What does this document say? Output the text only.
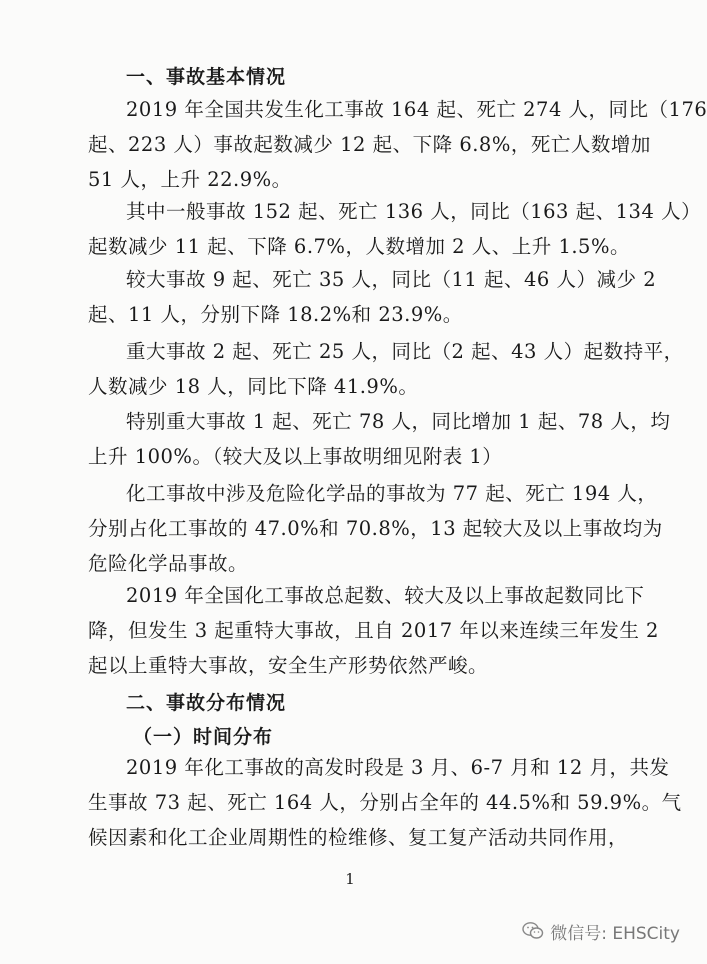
一、事故基本情况
2019 年全国共发生化工事故 164 起、死亡 274 人，同比（176
起、223 人）事故起数减少 12 起、下降 6.8%，死亡人数增加
51 人，上升 22.9%。
其中一般事故 152 起、死亡 136 人，同比（163 起、134 人）
起数减少 11 起、下降 6.7%，人数增加 2 人、上升 1.5%。
较大事故 9 起、死亡 35 人，同比（11 起、46 人）减少 2
起、11 人，分别下降 18.2%和 23.9%。
重大事故 2 起、死亡 25 人，同比（2 起、43 人）起数持平，
人数减少 18 人，同比下降 41.9%。
特别重大事故 1 起、死亡 78 人，同比增加 1 起、78 人，均
上升 100%。（较大及以上事故明细见附表 1）
化工事故中涉及危险化学品的事故为 77 起、死亡 194 人，
分别占化工事故的 47.0%和 70.8%，13 起较大及以上事故均为
危险化学品事故。
2019 年全国化工事故总起数、较大及以上事故起数同比下
降，但发生 3 起重特大事故，且自 2017 年以来连续三年发生 2
起以上重特大事故，安全生产形势依然严峻。
二、事故分布情况
（一）时间分布
2019 年化工事故的高发时段是 3 月、6-7 月和 12 月，共发
生事故 73 起、死亡 164 人，分别占全年的 44.5%和 59.9%。气
候因素和化工企业周期性的检维修、复工复产活动共同作用，
1
微信号: EHSCity
